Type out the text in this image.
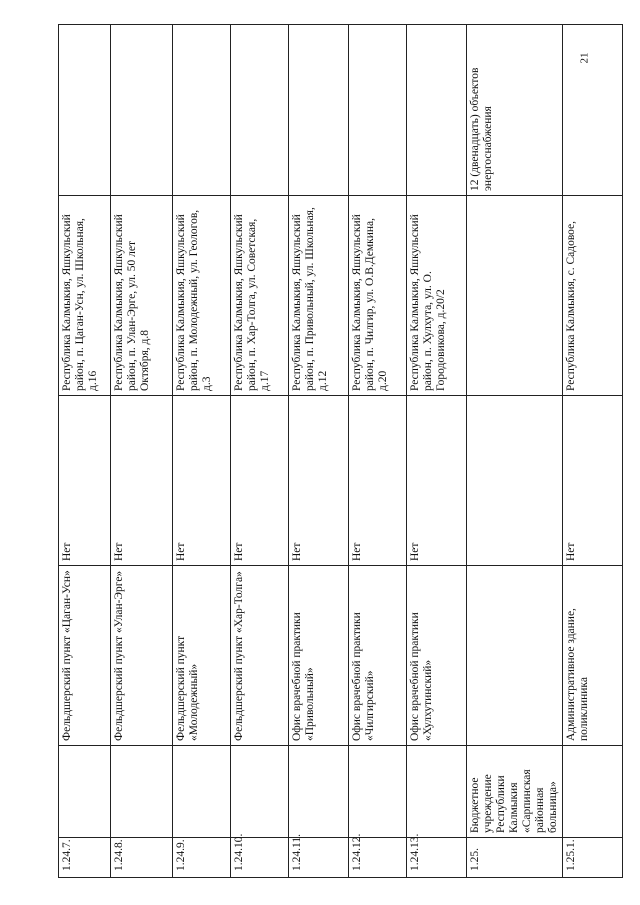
1.24.7.		Фельдшерский пункт «Цаган-Усн»	Нет	Республика Калмыкия, Яшкульский район, п. Цаган-Усн, ул. Школьная, д.16	
1.24.8.		Фельдшерский пункт «Улан-Эрге»	Нет	Республика Калмыкия, Яшкульский район, п. Улан-Эрге, ул. 50 лет Октября, д.8	
1.24.9.		Фельдшерский пункт «Молодежный»	Нет	Республика Калмыкия, Яшкульский район, п. Молодежный, ул. Геологов, д.3	
1.24.10.		Фельдшерский пункт «Хар-Толга»	Нет	Республика Калмыкия, Яшкульский район, п. Хар-Толга, ул. Советская, д.17	
1.24.11.		Офис врачебной практики «Привольный»	Нет	Республика Калмыкия, Яшкульский район, п. Привольный, ул. Школьная, д.12	
1.24.12.		Офис врачебной практики «Чилгирский»	Нет	Республика Калмыкия, Яшкульский район, п. Чилгир, ул. О.В.Демкина, д.20	
1.24.13.		Офис врачебной практики «Хулхутинский»	Нет	Республика Калмыкия, Яшкульский район, п. Хулхута, ул. О. Городовикова, д.20/2	
1.25.	Бюджетное учреждение Республики Калмыкия «Сарпинская районная больница»				12 (двенадцать) объектов энергоснабжения
1.25.1.		Административное здание, поликлиника	Нет	Республика Калмыкия, с. Садовое,	
21
